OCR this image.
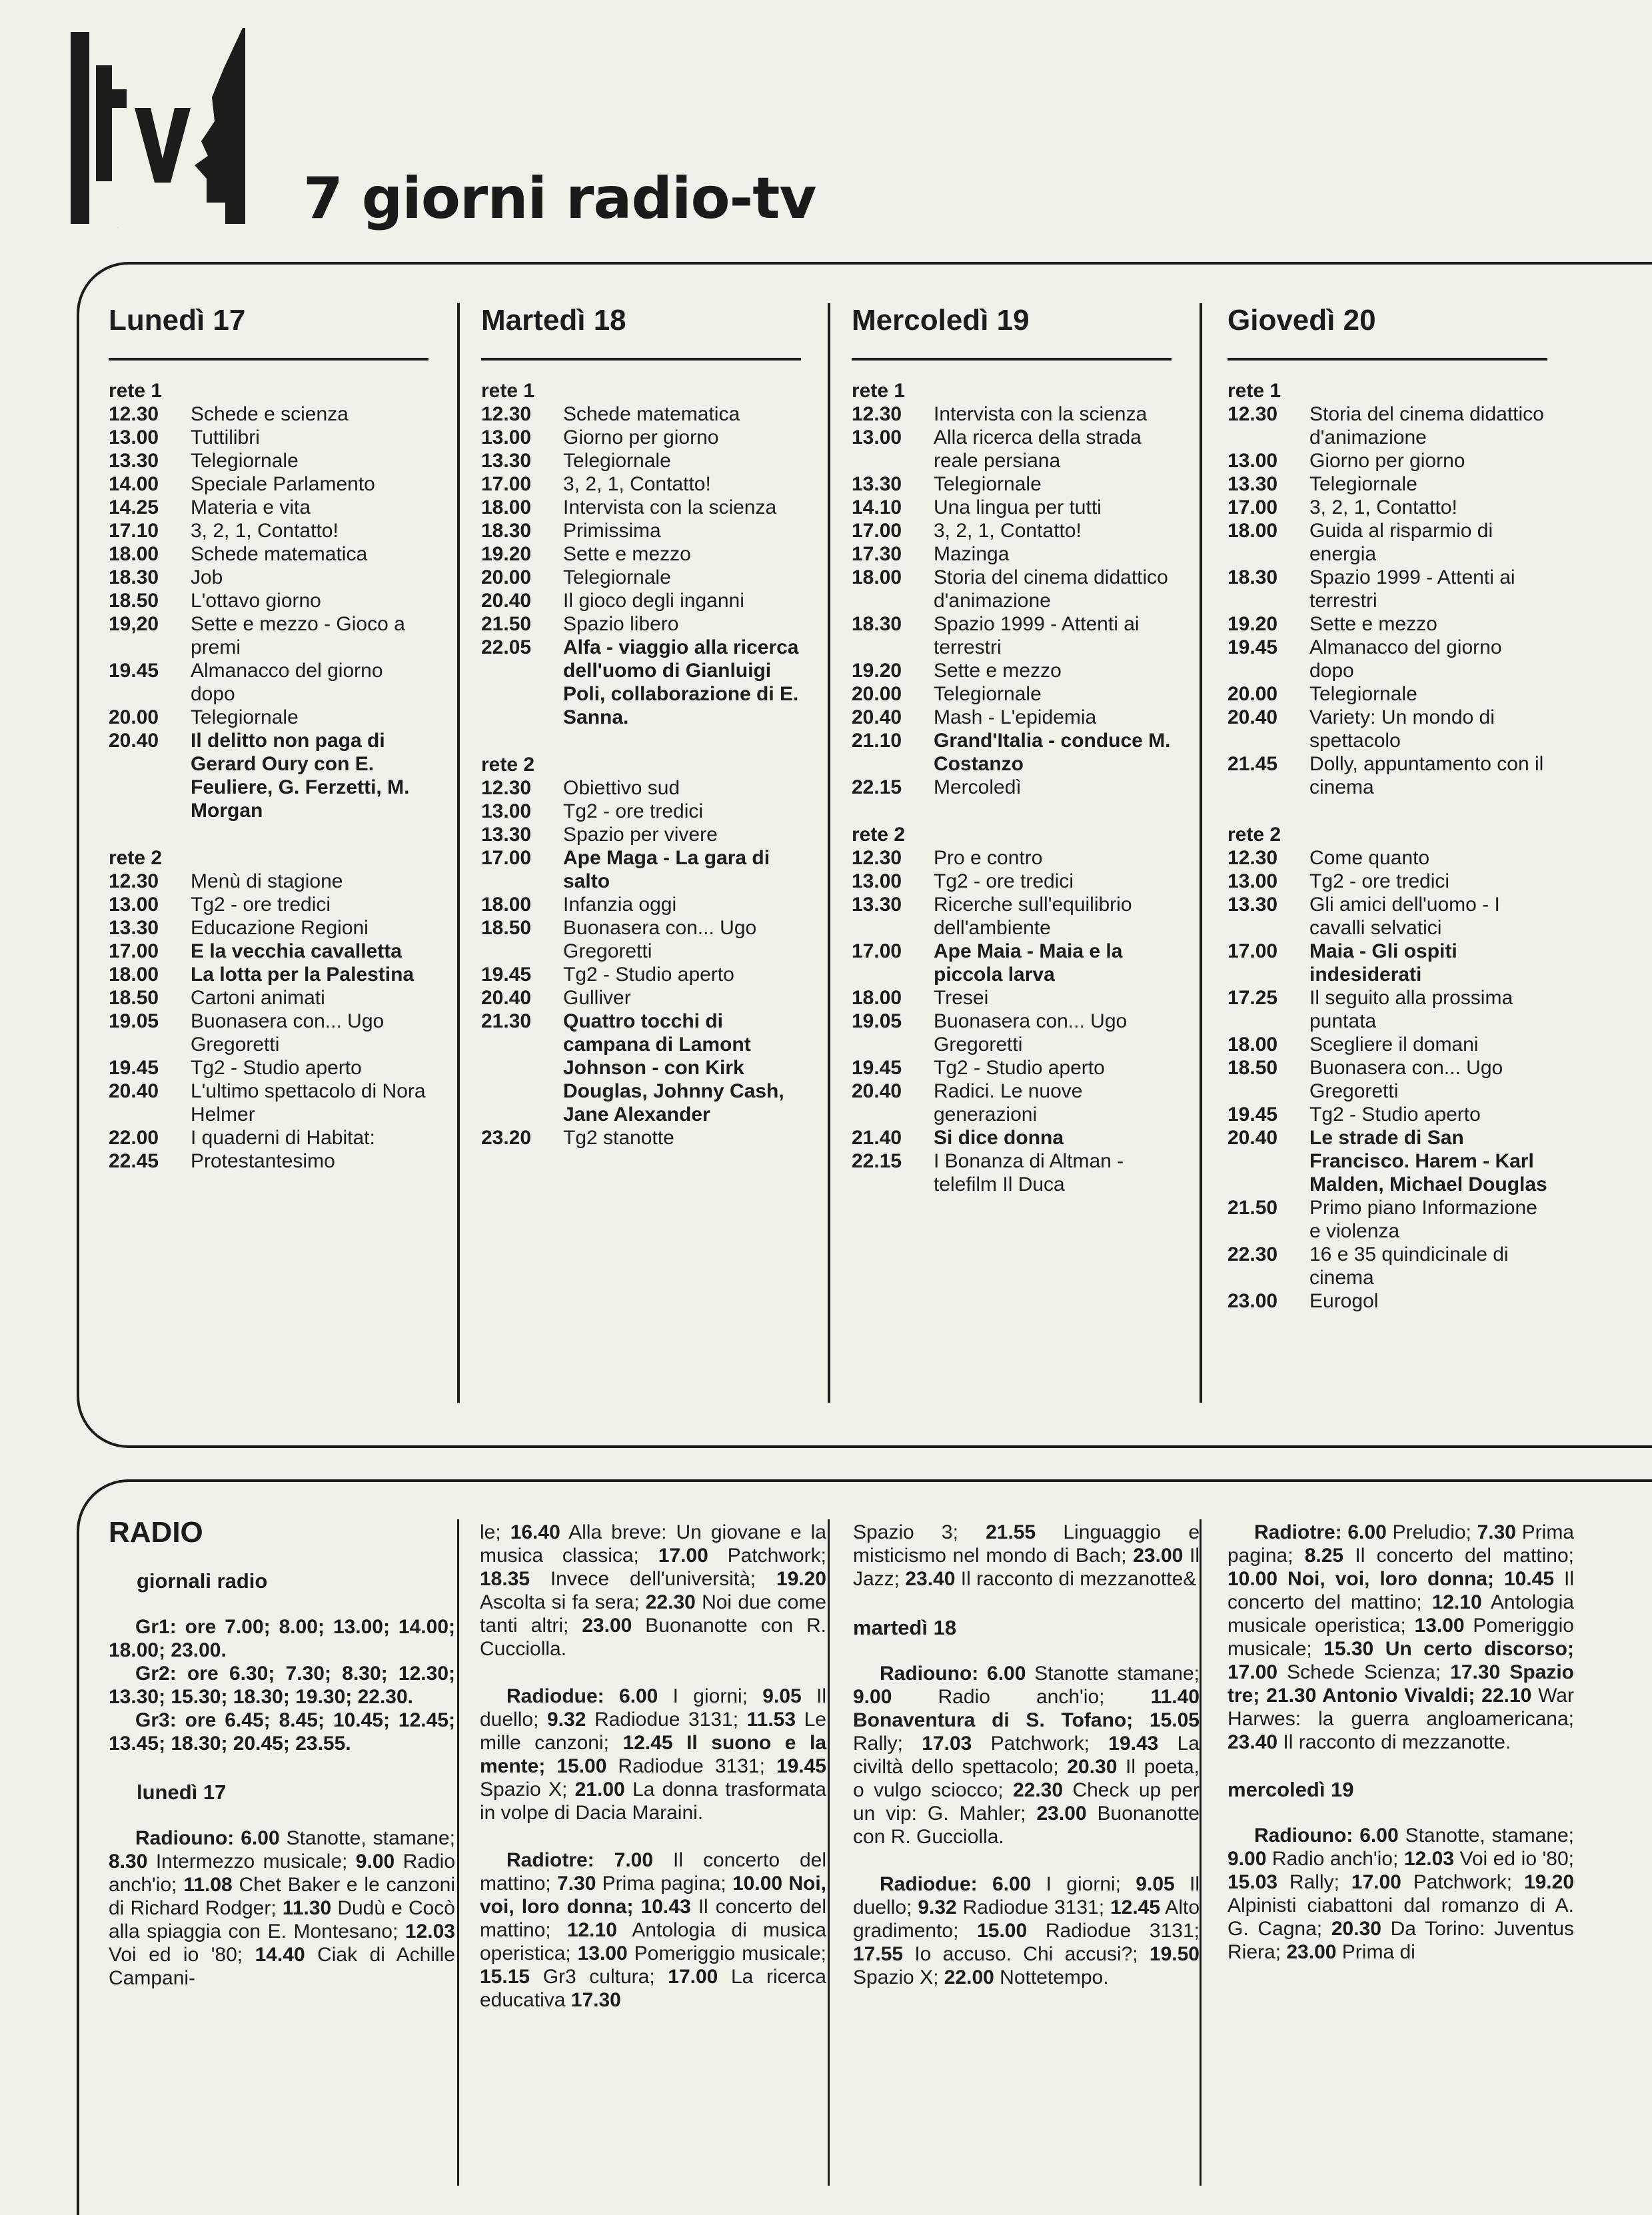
tv	7 giorni radio-tv
Lunedì 17
rete 1
12.30	Schede e scienza
13.00	Tuttilibri
13.30	Telegiornale
14.00	Speciale Parlamento
14.25	Materia e vita
17.10	3, 2, 1, Contatto!
18.00	Schede matematica
18.30	Job
18.50	L'ottavo giorno
19,20	Sette e mezzo - Gioco a premi
19.45	Almanacco del giorno dopo
20.00	Telegiornale
20.40	Il delitto non paga di Gerard Oury con E. Feuliere, G. Ferzetti, M. Morgan
rete 2
12.30	Menù di stagione
13.00	Tg2 - ore tredici
13.30	Educazione Regioni
17.00	E la vecchia cavalletta
18.00	La lotta per la Palestina
18.50	Cartoni animati
19.05	Buonasera con... Ugo Gregoretti
19.45	Tg2 - Studio aperto
20.40	L'ultimo spettacolo di Nora Helmer
22.00	I quaderni di Habitat:
22.45	Protestantesimo
Martedì 18
rete 1
12.30	Schede matematica
13.00	Giorno per giorno
13.30	Telegiornale
17.00	3, 2, 1, Contatto!
18.00	Intervista con la scienza
18.30	Primissima
19.20	Sette e mezzo
20.00	Telegiornale
20.40	Il gioco degli inganni
21.50	Spazio libero
22.05	Alfa - viaggio alla ricerca dell'uomo di Gianluigi Poli, collaborazione di E. Sanna.
rete 2
12.30	Obiettivo sud
13.00	Tg2 - ore tredici
13.30	Spazio per vivere
17.00	Ape Maga - La gara di salto
18.00	Infanzia oggi
18.50	Buonasera con... Ugo Gregoretti
19.45	Tg2 - Studio aperto
20.40	Gulliver
21.30	Quattro tocchi di campana di Lamont Johnson - con Kirk Douglas, Johnny Cash, Jane Alexander
23.20	Tg2 stanotte
Mercoledì 19
rete 1
12.30	Intervista con la scienza
13.00	Alla ricerca della strada reale persiana
13.30	Telegiornale
14.10	Una lingua per tutti
17.00	3, 2, 1, Contatto!
17.30	Mazinga
18.00	Storia del cinema didattico d'animazione
18.30	Spazio 1999 - Attenti ai terrestri
19.20	Sette e mezzo
20.00	Telegiornale
20.40	Mash - L'epidemia
21.10	Grand'Italia - conduce M. Costanzo
22.15	Mercoledì
rete 2
12.30	Pro e contro
13.00	Tg2 - ore tredici
13.30	Ricerche sull'equilibrio dell'ambiente
17.00	Ape Maia - Maia e la piccola larva
18.00	Tresei
19.05	Buonasera con... Ugo Gregoretti
19.45	Tg2 - Studio aperto
20.40	Radici. Le nuove generazioni
21.40	Si dice donna
22.15	I Bonanza di Altman - telefilm Il Duca
Giovedì 20
rete 1
12.30	Storia del cinema didattico d'animazione
13.00	Giorno per giorno
13.30	Telegiornale
17.00	3, 2, 1, Contatto!
18.00	Guida al risparmio di energia
18.30	Spazio 1999 - Attenti ai terrestri
19.20	Sette e mezzo
19.45	Almanacco del giorno dopo
20.00	Telegiornale
20.40	Variety: Un mondo di spettacolo
21.45	Dolly, appuntamento con il cinema
rete 2
12.30	Come quanto
13.00	Tg2 - ore tredici
13.30	Gli amici dell'uomo - I cavalli selvatici
17.00	Maia - Gli ospiti indesiderati
17.25	Il seguito alla prossima puntata
18.00	Scegliere il domani
18.50	Buonasera con... Ugo Gregoretti
19.45	Tg2 - Studio aperto
20.40	Le strade di San Francisco. Harem - Karl Malden, Michael Douglas
21.50	Primo piano Informazione e violenza
22.30	16 e 35 quindicinale di cinema
23.00	Eurogol
RADIO
giornali radio

Gr1: ore 7.00; 8.00; 13.00; 14.00; 18.00; 23.00.

Gr2: ore 6.30; 7.30; 8.30; 12.30; 13.30; 15.30; 18.30; 19.30; 22.30.

Gr3: ore 6.45; 8.45; 10.45; 12.45; 13.45; 18.30; 20.45; 23.55.

lunedì 17

Radiouno: 6.00 Stanotte, stamane; 8.30 Intermezzo musicale; 9.00 Radio anch'io; 11.08 Chet Baker e le canzoni di Richard Rodger; 11.30 Dudù e Cocò alla spiaggia con E. Montesano; 12.03 Voi ed io '80; 14.40 Ciak di Achille Campani-

le; 16.40 Alla breve: Un giovane e la musica classica; 17.00 Patchwork; 18.35 Invece dell'università; 19.20 Ascolta si fa sera; 22.30 Noi due come tanti altri; 23.00 Buonanotte con R. Cucciolla.

Radiodue: 6.00 I giorni; 9.05 Il duello; 9.32 Radiodue 3131; 11.53 Le mille canzoni; 12.45 Il suono e la mente; 15.00 Radiodue 3131; 19.45 Spazio X; 21.00 La donna trasformata in volpe di Dacia Maraini.

Radiotre: 7.00 Il concerto del mattino; 7.30 Prima pagina; 10.00 Noi, voi, loro donna; 10.43 Il concerto del mattino; 12.10 Antologia di musica operistica; 13.00 Pomeriggio musicale; 15.15 Gr3 cultura; 17.00 La ricerca educativa 17.30

Spazio 3; 21.55 Linguaggio e misticismo nel mondo di Bach; 23.00 Il Jazz; 23.40 Il racconto di mezzanotte&

martedì 18

Radiouno: 6.00 Stanotte stamane; 9.00 Radio anch'io; 11.40 Bonaventura di S. Tofano; 15.05 Rally; 17.03 Patchwork; 19.43 La civiltà dello spettacolo; 20.30 Il poeta, o vulgo sciocco; 22.30 Check up per un vip: G. Mahler; 23.00 Buonanotte con R. Gucciolla.

Radiodue: 6.00 I giorni; 9.05 Il duello; 9.32 Radiodue 3131; 12.45 Alto gradimento; 15.00 Radiodue 3131; 17.55 Io accuso. Chi accusi?; 19.50 Spazio X; 22.00 Nottetempo.

Radiotre: 6.00 Preludio; 7.30 Prima pagina; 8.25 Il concerto del mattino; 10.00 Noi, voi, loro donna; 10.45 Il concerto del mattino; 12.10 Antologia musicale operistica; 13.00 Pomeriggio musicale; 15.30 Un certo discorso; 17.00 Schede Scienza; 17.30 Spazio tre; 21.30 Antonio Vivaldi; 22.10 War Harwes: la guerra angloamericana; 23.40 Il racconto di mezzanotte.

mercoledì 19

Radiouno: 6.00 Stanotte, stamane; 9.00 Radio anch'io; 12.03 Voi ed io '80; 15.03 Rally; 17.00 Patchwork; 19.20 Alpinisti ciabattoni dal romanzo di A. G. Cagna; 20.30 Da Torino: Juventus Riera; 23.00 Prima di
